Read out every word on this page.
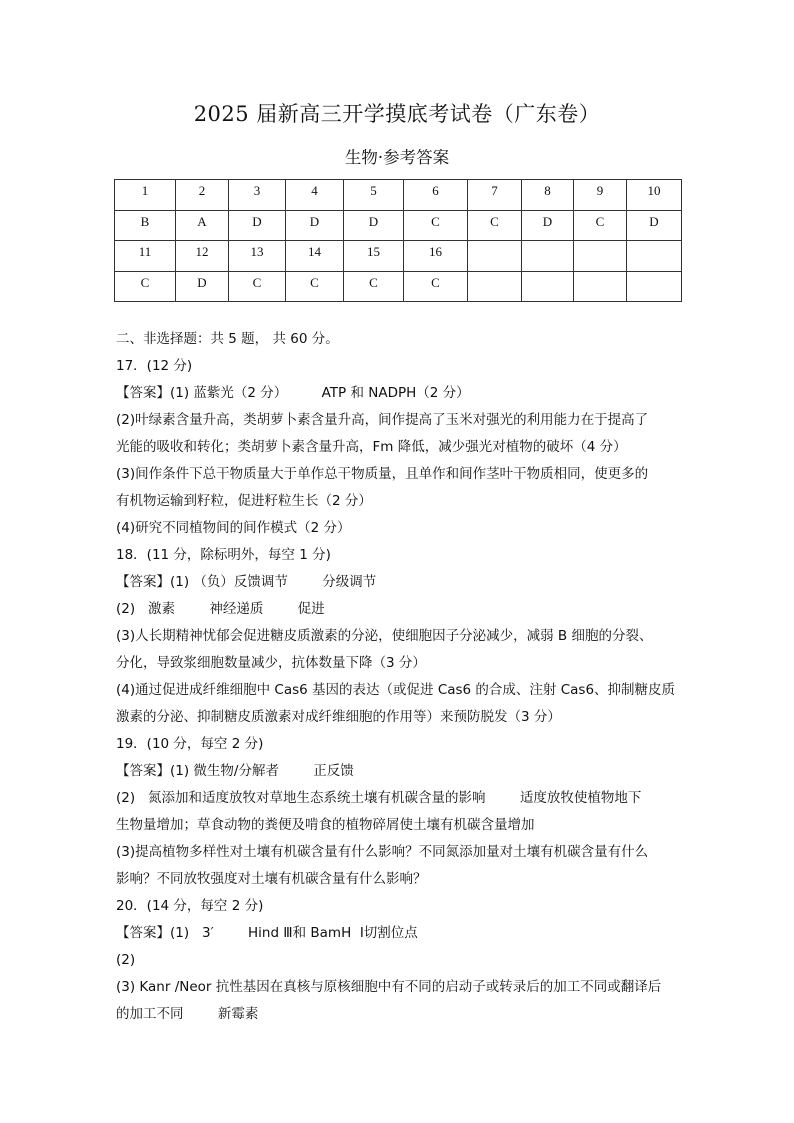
2025 届新高三开学摸底考试卷（广东卷）
生物·参考答案
1	2	3	4	5	6	7	8	9	10
B	A	D	D	D	C	C	D	C	D
11	12	13	14	15	16				
C	D	C	C	C	C				
二、非选择题：共 5 题， 共 60 分。
17．(12 分)
【答案】(1) 蓝紫光（2 分）        ATP 和 NADPH（2 分）
(2)叶绿素含量升高，类胡萝卜素含量升高，间作提高了玉米对强光的利用能力在于提高了
光能的吸收和转化；类胡萝卜素含量升高，Fm 降低，减少强光对植物的破坏（4 分）
(3)间作条件下总干物质量大于单作总干物质量，且单作和间作茎叶干物质相同，使更多的
有机物运输到籽粒，促进籽粒生长（2 分）
(4)研究不同植物间的间作模式（2 分）
18．(11 分，除标明外，每空 1 分)
【答案】(1) （负）反馈调节        分级调节
(2)   激素        神经递质        促进
(3)人长期精神忧郁会促进糖皮质激素的分泌，使细胞因子分泌减少，减弱 B 细胞的分裂、
分化，导致浆细胞数量减少，抗体数量下降（3 分）
(4)通过促进成纤维细胞中 Cas6 基因的表达（或促进 Cas6 的合成、注射 Cas6、抑制糖皮质
激素的分泌、抑制糖皮质激素对成纤维细胞的作用等）来预防脱发（3 分）
19．(10 分，每空 2 分)
【答案】(1) 微生物/分解者        正反馈
(2)   氮添加和适度放牧对草地生态系统土壤有机碳含量的影响        适度放牧使植物地下
生物量增加；草食动物的粪便及啃食的植物碎屑使土壤有机碳含量增加
(3)提高植物多样性对土壤有机碳含量有什么影响？不同氮添加量对土壤有机碳含量有什么
影响？不同放牧强度对土壤有机碳含量有什么影响？
20．(14 分，每空 2 分)
【答案】(1)   3′        Hind Ⅲ和 BamH  Ⅰ切割位点
(2)
(3) Kanr /Neor 抗性基因在真核与原核细胞中有不同的启动子或转录后的加工不同或翻译后
的加工不同        新霉素
